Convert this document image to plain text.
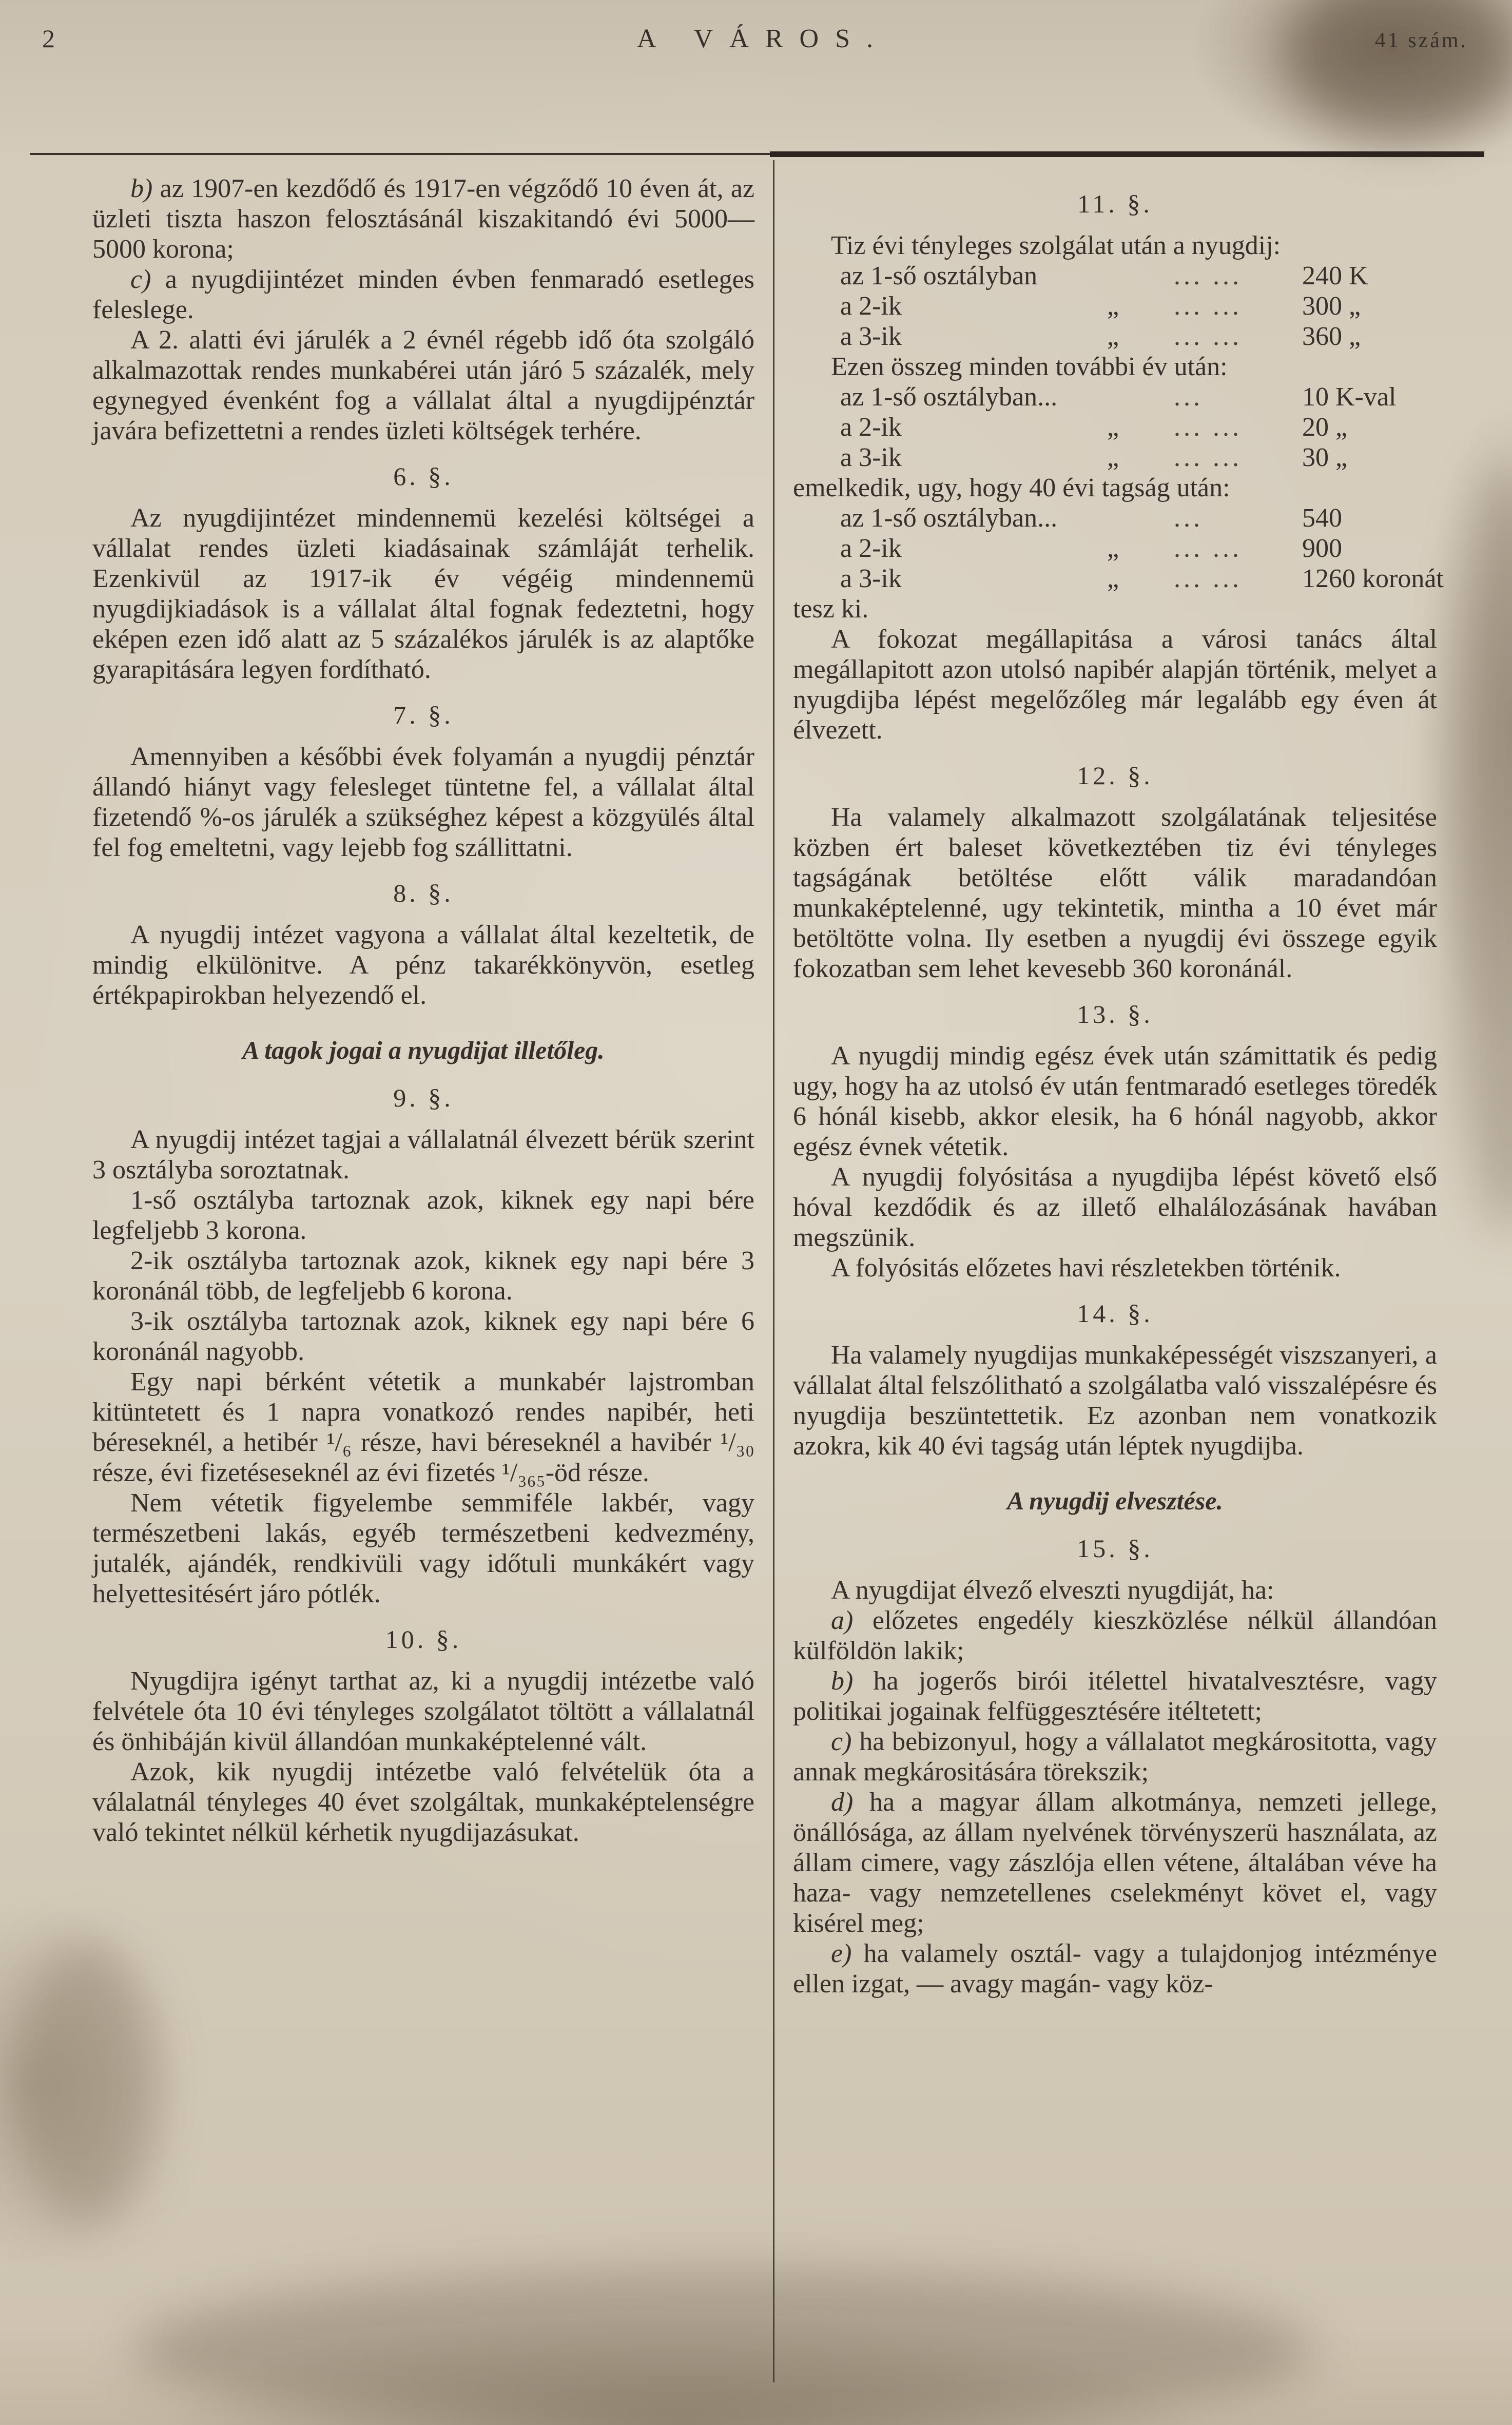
2	A VÁROS.	41 szám.

b) az 1907-en kezdődő és 1917-en végződő 10 éven át, az üzleti tiszta haszon felosztásánál kiszakitandó évi 5000—5000 korona;

c) a nyugdijintézet minden évben fenmaradó esetleges feleslege.

A 2. alatti évi járulék a 2 évnél régebb idő óta szolgáló alkalmazottak rendes munkabérei után járó 5 százalék, mely egynegyed évenként fog a vállalat által a nyugdijpénztár javára befizettetni a rendes üzleti költségek terhére.

6. §.

Az nyugdijintézet mindennemü kezelési költségei a vállalat rendes üzleti kiadásainak számláját terhelik. Ezenkivül az 1917-ik év végéig mindennemü nyugdijkiadások is a vállalat által fognak fedeztetni, hogy eképen ezen idő alatt az 5 százalékos járulék is az alaptőke gyarapitására legyen fordítható.

7. §.

Amennyiben a későbbi évek folyamán a nyugdij pénztár állandó hiányt vagy felesleget tüntetne fel, a vállalat által fizetendő %-os járulék a szükséghez képest a közgyülés által fel fog emeltetni, vagy lejebb fog szállittatni.

8. §.

A nyugdij intézet vagyona a vállalat által kezeltetik, de mindig elkülönitve. A pénz takarékkönyvön, esetleg értékpapirokban helyezendő el.

A tagok jogai a nyugdijat illetőleg.
9. §.

A nyugdij intézet tagjai a vállalatnál élvezett bérük szerint 3 osztályba soroztatnak.

1-ső osztályba tartoznak azok, kiknek egy napi bére legfeljebb 3 korona.

2-ik osztályba tartoznak azok, kiknek egy napi bére 3 koronánál több, de legfeljebb 6 korona.

3-ik osztályba tartoznak azok, kiknek egy napi bére 6 koronánál nagyobb.

Egy napi bérként vétetik a munkabér lajstromban kitüntetett és 1 napra vonatkozó rendes napibér, heti béreseknél, a hetibér ¹/₆ része, havi béreseknél a havibér ¹/₃₀ része, évi fizetéseseknél az évi fizetés ¹/₃₆₅-öd része.

Nem vétetik figyelembe semmiféle lakbér, vagy természetbeni lakás, egyéb természetbeni kedvezmény, jutalék, ajándék, rendkivüli vagy időtuli munkákért vagy helyettesitésért járo pótlék.

10. §.

Nyugdijra igényt tarthat az, ki a nyugdij intézetbe való felvétele óta 10 évi tényleges szolgálatot töltött a vállalatnál és önhibáján kivül állandóan munkaképtelenné vált.

Azok, kik nyugdij intézetbe való felvételük óta a válalatnál tényleges 40 évet szolgáltak, munkaképtelenségre való tekintet nélkül kérhetik nyugdijazásukat.

11. §.

Tiz évi tényleges szolgálat után a nyugdij:

az 1-ső osztályban	... ...	240 K
a 2-ik	„	... ...	300 „
a 3-ik	„	... ...	360 „

Ezen összeg minden további év után:

az 1-ső osztályban...	...	10 K-val
a 2-ik	„	... ...	20 „
a 3-ik	„	... ...	30 „

emelkedik, ugy, hogy 40 évi tagság után:

az 1-ső osztályban...	...	540
a 2-ik	„	... ...	900
a 3-ik	„	... ...	1260 koronát

tesz ki.

A fokozat megállapitása a városi tanács által megállapitott azon utolsó napibér alapján történik, melyet a nyugdijba lépést megelőzőleg már legalább egy éven át élvezett.

12. §.

Ha valamely alkalmazott szolgálatának teljesitése közben ért baleset következtében tiz évi tényleges tagságának betöltése előtt válik maradandóan munkaképtelenné, ugy tekintetik, mintha a 10 évet már betöltötte volna. Ily esetben a nyugdij évi összege egyik fokozatban sem lehet kevesebb 360 koronánál.

13. §.

A nyugdij mindig egész évek után számittatik és pedig ugy, hogy ha az utolsó év után fentmaradó esetleges töredék 6 hónál kisebb, akkor elesik, ha 6 hónál nagyobb, akkor egész évnek vétetik.

A nyugdij folyósitása a nyugdijba lépést követő első hóval kezdődik és az illető elhalálozásának havában megszünik.

A folyósitás előzetes havi részletekben történik.

14. §.

Ha valamely nyugdijas munkaképességét viszszanyeri, a vállalat által felszólitható a szolgálatba való visszalépésre és nyugdija beszüntettetik. Ez azonban nem vonatkozik azokra, kik 40 évi tagság után léptek nyugdijba.

A nyugdij elvesztése.
15. §.

A nyugdijat élvező elveszti nyugdiját, ha:

a) előzetes engedély kieszközlése nélkül állandóan külföldön lakik;

b) ha jogerős birói itélettel hivatalvesztésre, vagy politikai jogainak felfüggesztésére itéltetett;

c) ha bebizonyul, hogy a vállalatot megkárositotta, vagy annak megkárositására törekszik;

d) ha a magyar állam alkotmánya, nemzeti jellege, önállósága, az állam nyelvének törvényszerü használata, az állam cimere, vagy zászlója ellen vétene, általában véve ha haza- vagy nemzetellenes cselekményt követ el, vagy kisérel meg;

e) ha valamely osztál- vagy a tulajdonjog intézménye ellen izgat, — avagy magán- vagy köz-
